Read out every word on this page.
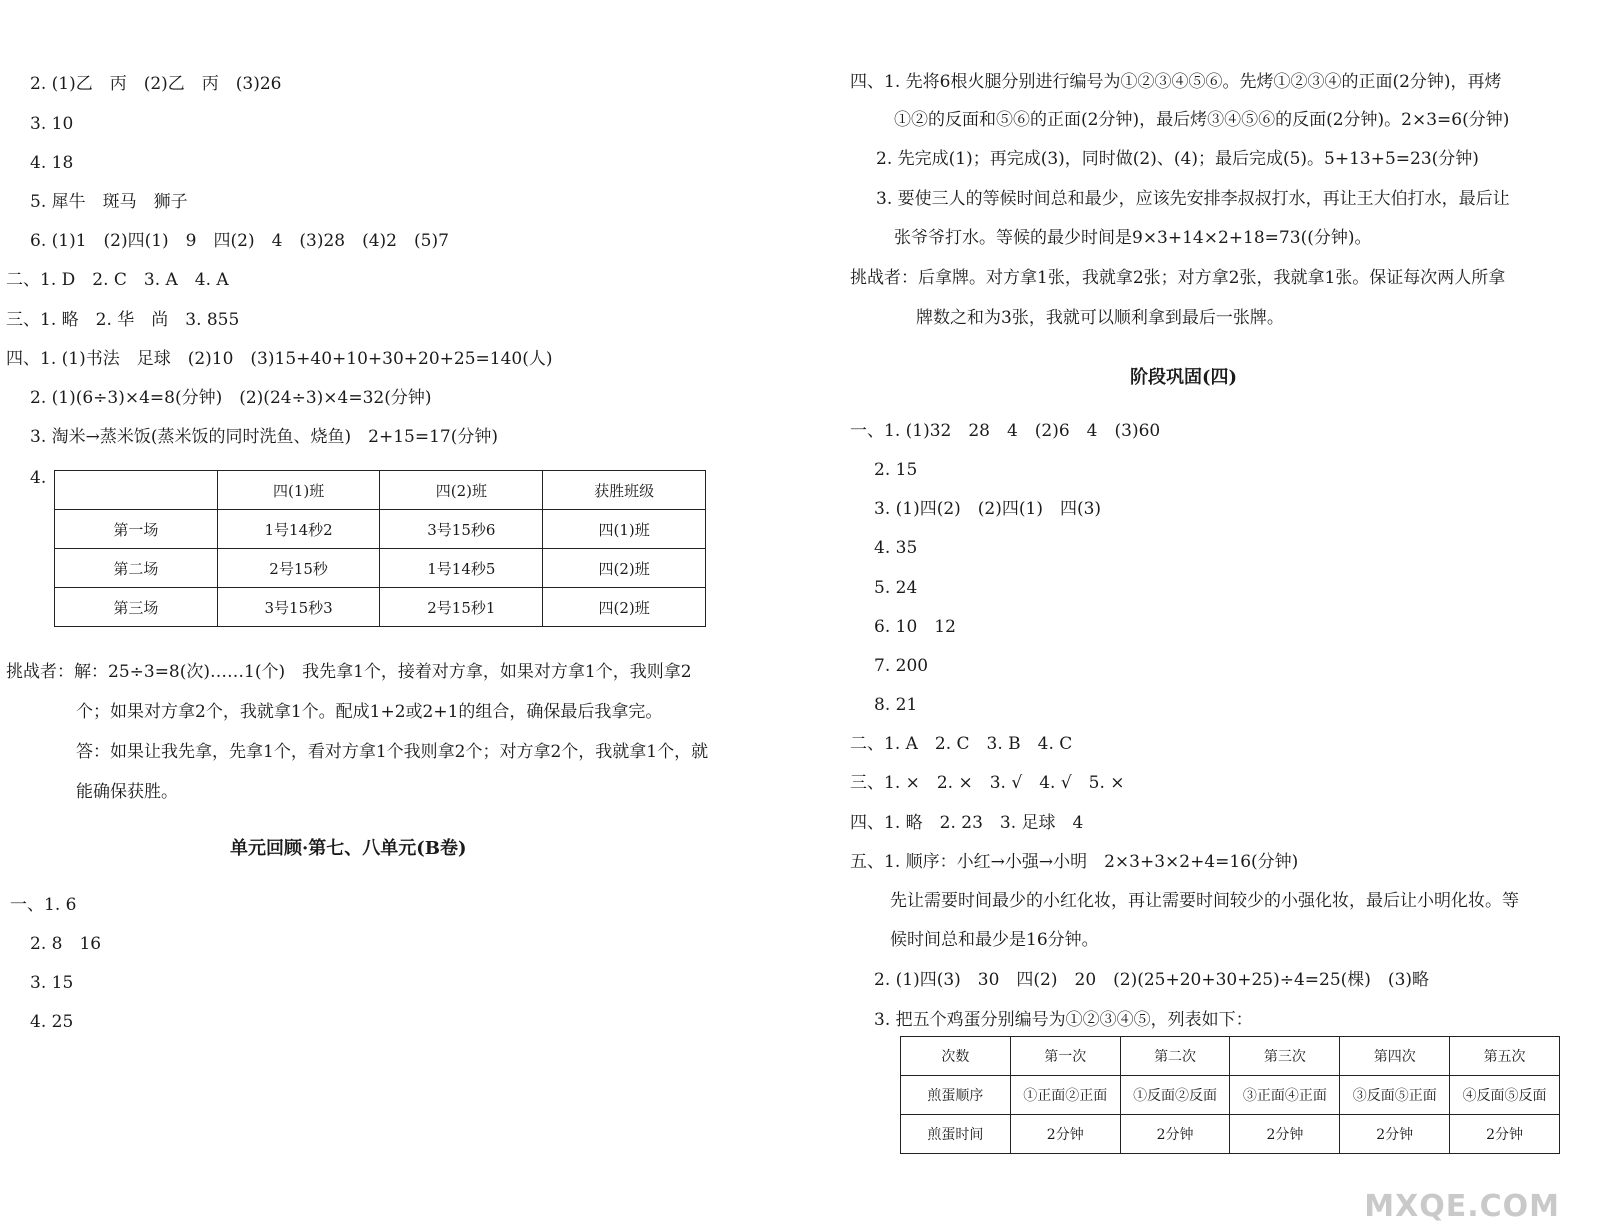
2. (1)乙　丙　(2)乙　丙　(3)26
3. 10
4. 18
5. 犀牛　斑马　狮子
6. (1)1　(2)四(1)　9　四(2)　4　(3)28　(4)2　(5)7
二、1. D　2. C　3. A　4. A
三、1. 略　2. 华　尚　3. 855
四、1. (1)书法　足球　(2)10　(3)15+40+10+30+20+25=140(人)
2. (1)(6÷3)×4=8(分钟)　(2)(24÷3)×4=32(分钟)
3. 淘米→蒸米饭(蒸米饭的同时洗鱼、烧鱼)　2+15=17(分钟)
4.
	四(1)班	四(2)班	获胜班级
第一场	1号14秒2	3号15秒6	四(1)班
第二场	2号15秒	1号14秒5	四(2)班
第三场	3号15秒3	2号15秒1	四(2)班
挑战者：解：25÷3=8(次)……1(个)　我先拿1个，接着对方拿，如果对方拿1个，我则拿2
个；如果对方拿2个，我就拿1个。配成1+2或2+1的组合，确保最后我拿完。
答：如果让我先拿，先拿1个，看对方拿1个我则拿2个；对方拿2个，我就拿1个，就
能确保获胜。
单元回顾·第七、八单元(B卷)
一、1. 6
2. 8　16
3. 15
4. 25
四、1. 先将6根火腿分别进行编号为①②③④⑤⑥。先烤①②③④的正面(2分钟)，再烤
①②的反面和⑤⑥的正面(2分钟)，最后烤③④⑤⑥的反面(2分钟)。2×3=6(分钟)
2. 先完成(1)；再完成(3)，同时做(2)、(4)；最后完成(5)。5+13+5=23(分钟)
3. 要使三人的等候时间总和最少，应该先安排李叔叔打水，再让王大伯打水，最后让
张爷爷打水。等候的最少时间是9×3+14×2+18=73((分钟)。
挑战者：后拿牌。对方拿1张，我就拿2张；对方拿2张，我就拿1张。保证每次两人所拿
牌数之和为3张，我就可以顺利拿到最后一张牌。
阶段巩固(四)
一、1. (1)32　28　4　(2)6　4　(3)60
2. 15
3. (1)四(2)　(2)四(1)　四(3)
4. 35
5. 24
6. 10　12
7. 200
8. 21
二、1. A　2. C　3. B　4. C
三、1. ×　2. ×　3. √　4. √　5. ×
四、1. 略　2. 23　3. 足球　4
五、1. 顺序：小红→小强→小明　2×3+3×2+4=16(分钟)
先让需要时间最少的小红化妆，再让需要时间较少的小强化妆，最后让小明化妆。等
候时间总和最少是16分钟。
2. (1)四(3)　30　四(2)　20　(2)(25+20+30+25)÷4=25(棵)　(3)略
3. 把五个鸡蛋分别编号为①②③④⑤，列表如下：
次数	第一次	第二次	第三次	第四次	第五次
煎蛋顺序	①正面②正面	①反面②反面	③正面④正面	③反面⑤正面	④反面⑤反面
煎蛋时间	2分钟	2分钟	2分钟	2分钟	2分钟
MXQE.COM
